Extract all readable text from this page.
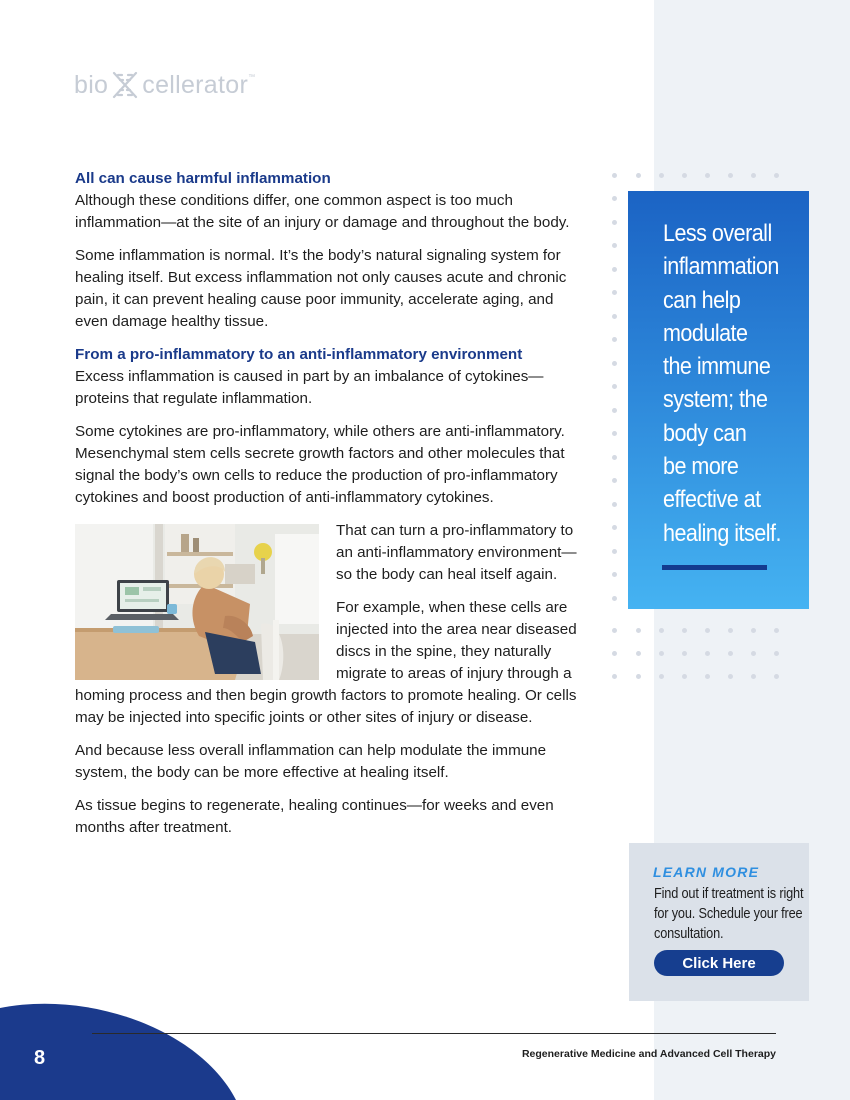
bio cellerator ™
All can cause harmful inflammation

Although these conditions differ, one common aspect is too much inflammation—at the site of an injury or damage and throughout the body.

Some inflammation is normal. It’s the body’s natural signaling system for healing itself. But excess inflammation not only causes acute and chronic pain, it can prevent healing cause poor immunity, accelerate aging, and even damage healthy tissue.

From a pro-inflammatory to an anti-inflammatory environment

Excess inflammation is caused in part by an imbalance of cytokines—proteins that regulate inflammation.

Some cytokines are pro-inflammatory, while others are anti-inflammatory. Mesenchymal stem cells secrete growth factors and other molecules that signal the body’s own cells to reduce the production of pro-inflammatory cytokines and boost production of anti-inflammatory cytokines.

That can turn a pro-inflammatory to an anti-inflammatory environment—so the body can heal itself again.

For example, when these cells are injected into the area near diseased discs in the spine, they naturally migrate to areas of injury through a homing process and then begin growth factors to promote healing. Or cells may be injected into specific joints or other sites of injury or disease.

And because less overall inflammation can help modulate the immune system, the body can be more effective at healing itself.

As tissue begins to regenerate, healing continues—for weeks and even months after treatment.

Less overall
inflammation
can help
modulate
the immune
system; the
body can
be more
effective at
healing itself.
LEARN MORE
Find out if treatment is right for you. Schedule your free consultation.
Click Here
8	Regenerative Medicine and Advanced Cell Therapy
